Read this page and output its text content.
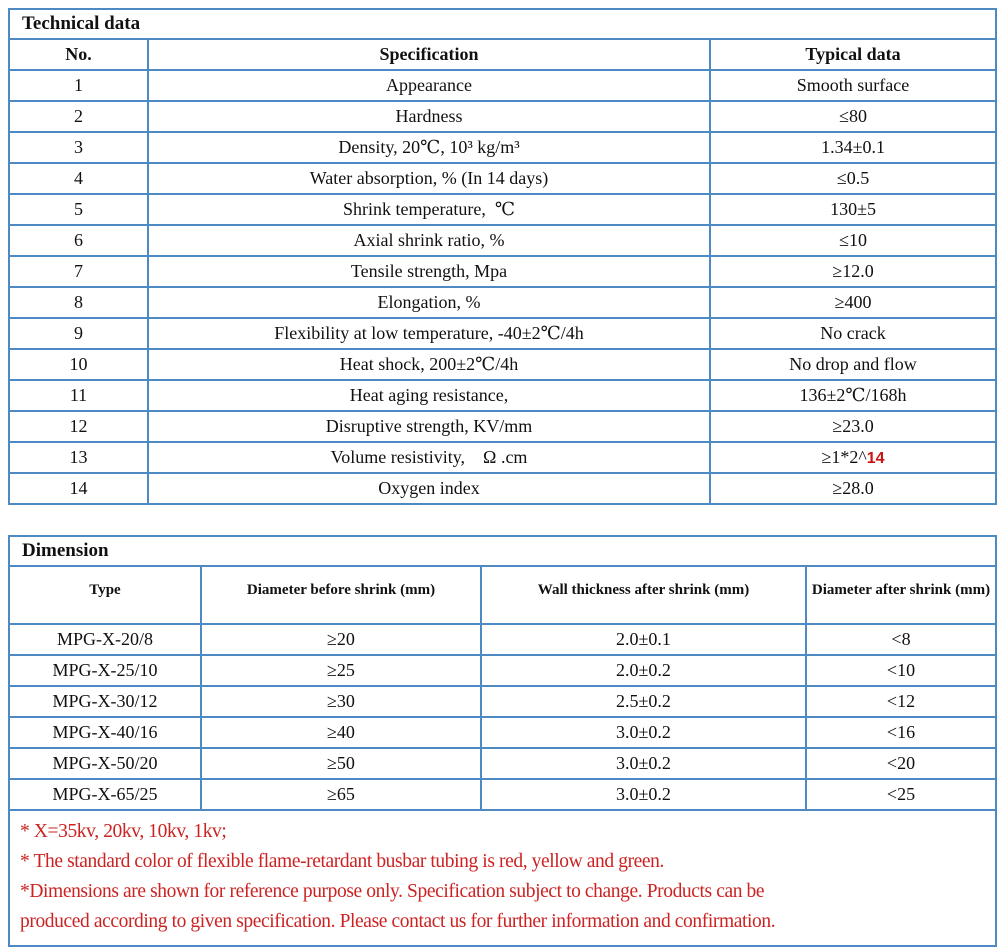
Technical data		
No.	Specification	Typical data
1	Appearance	Smooth surface
2	Hardness	≤80
3	Density, 20℃, 10³ kg/m³	1.34±0.1
4	Water absorption, % (In 14 days)	≤0.5
5	Shrink temperature,  ℃	130±5
6	Axial shrink ratio, %	≤10
7	Tensile strength, Mpa	≥12.0
8	Elongation, %	≥400
9	Flexibility at low temperature, -40±2℃/4h	No crack
10	Heat shock, 200±2℃/4h	No drop and flow
11	Heat aging resistance,	136±2℃/168h
12	Disruptive strength, KV/mm	≥23.0
13	Volume resistivity,    Ω .cm	≥1*2^14
14	Oxygen index	≥28.0
Dimension			
Type	Diameter before shrink (mm)	Wall thickness after shrink (mm)	Diameter after shrink (mm)
MPG-X-20/8	≥20	2.0±0.1	<8
MPG-X-25/10	≥25	2.0±0.2	<10
MPG-X-30/12	≥30	2.5±0.2	<12
MPG-X-40/16	≥40	3.0±0.2	<16
MPG-X-50/20	≥50	3.0±0.2	<20
MPG-X-65/25	≥65	3.0±0.2	<25

* X=35kv, 20kv, 10kv, 1kv;
* The standard color of flexible flame-retardant busbar tubing is red, yellow and green.
*Dimensions are shown for reference purpose only. Specification subject to change. Products can be
produced according to given specification. Please contact us for further information and confirmation.			
